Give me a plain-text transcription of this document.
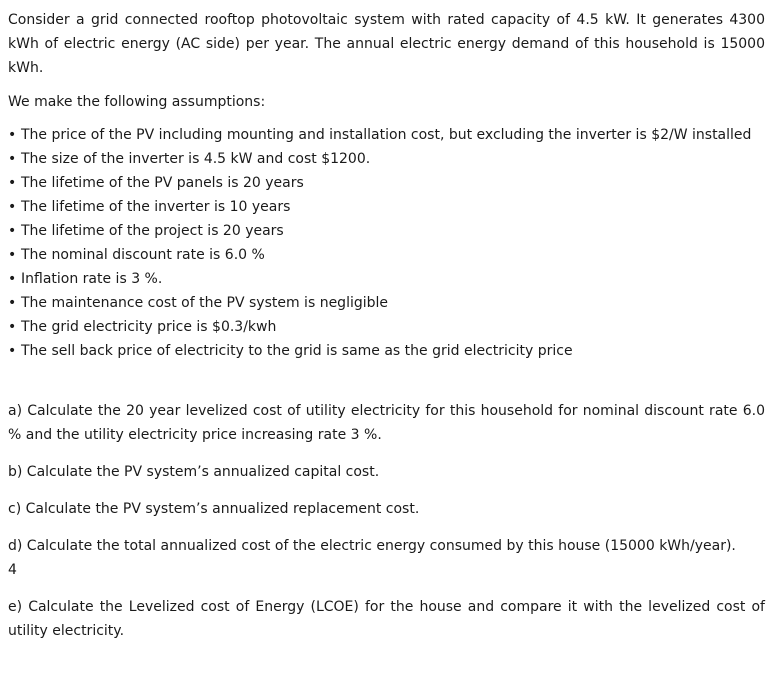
Consider a grid connected rooftop photovoltaic system with rated capacity of 4.5 kW. It generates 4300 kWh of electric energy (AC side) per year. The annual electric energy demand of this household is 15000 kWh.

We make the following assumptions:

• The price of the PV including mounting and installation cost, but excluding the inverter is $2/W installed
• The size of the inverter is 4.5 kW and cost $1200.
• The lifetime of the PV panels is 20 years
• The lifetime of the inverter is 10 years
• The lifetime of the project is 20 years
• The nominal discount rate is 6.0 %
• Inflation rate is 3 %.
• The maintenance cost of the PV system is negligible
• The grid electricity price is $0.3/kwh
• The sell back price of electricity to the grid is same as the grid electricity price

a) Calculate the 20 year levelized cost of utility electricity for this household for nominal discount rate 6.0 % and the utility electricity price increasing rate 3 %.

b) Calculate the PV system’s annualized capital cost.

c) Calculate the PV system’s annualized replacement cost.

d) Calculate the total annualized cost of the electric energy consumed by this house (15000 kWh/year).

4

e) Calculate the Levelized cost of Energy (LCOE) for the house and compare it with the levelized cost of utility electricity.
